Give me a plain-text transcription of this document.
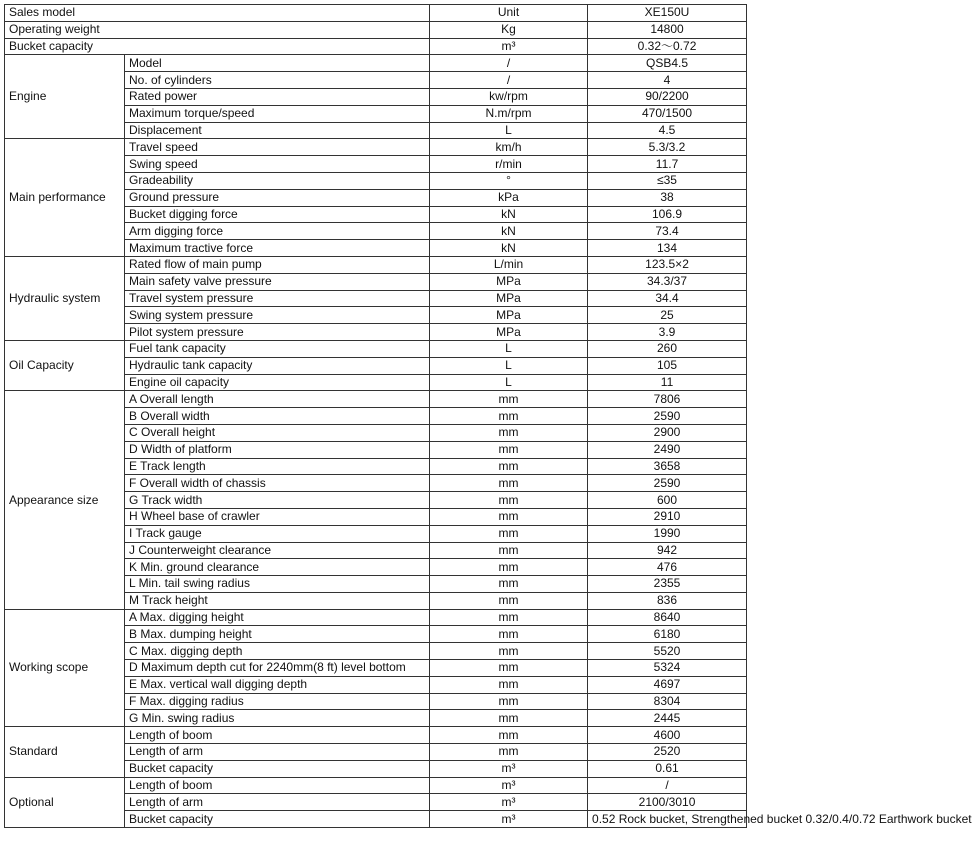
Sales model		Unit	XE150U
Operating weight		Kg	14800
Bucket capacity		m³	0.32～0.72
Engine	Model	/	QSB4.5
	No. of cylinders	/	4
	Rated power	kw/rpm	90/2200
	Maximum torque/speed	N.m/rpm	470/1500
	Displacement	L	4.5
Main performance	Travel speed	km/h	5.3/3.2
	Swing speed	r/min	11.7
	Gradeability	°	≤35
	Ground pressure	kPa	38
	Bucket digging force	kN	106.9
	Arm digging force	kN	73.4
	Maximum tractive force	kN	134
Hydraulic system	Rated flow of main pump	L/min	123.5×2
	Main safety valve pressure	MPa	34.3/37
	Travel system pressure	MPa	34.4
	Swing system pressure	MPa	25
	Pilot system pressure	MPa	3.9
Oil Capacity	Fuel tank capacity	L	260
	Hydraulic tank capacity	L	105
	Engine oil capacity	L	11
Appearance size	A Overall length	mm	7806
	B Overall width	mm	2590
	C Overall height	mm	2900
	D Width of platform	mm	2490
	E Track length	mm	3658
	F Overall width of chassis	mm	2590
	G Track width	mm	600
	H Wheel base of crawler	mm	2910
	I Track gauge	mm	1990
	J Counterweight clearance	mm	942
	K Min. ground clearance	mm	476
	L Min. tail swing radius	mm	2355
	M Track height	mm	836
Working scope	A Max. digging height	mm	8640
	B Max. dumping height	mm	6180
	C Max. digging depth	mm	5520
	D Maximum depth cut for 2240mm(8 ft) level bottom	mm	5324
	E Max. vertical wall digging depth	mm	4697
	F Max. digging radius	mm	8304
	G Min. swing radius	mm	2445
Standard	Length of boom	mm	4600
	Length of arm	mm	2520
	Bucket capacity	m³	0.61
Optional	Length of boom	m³	/
	Length of arm	m³	2100/3010
	Bucket capacity	m³	0.52 Rock bucket, Strengthened bucket 0.32/0.4/0.72 Earthwork bucket
